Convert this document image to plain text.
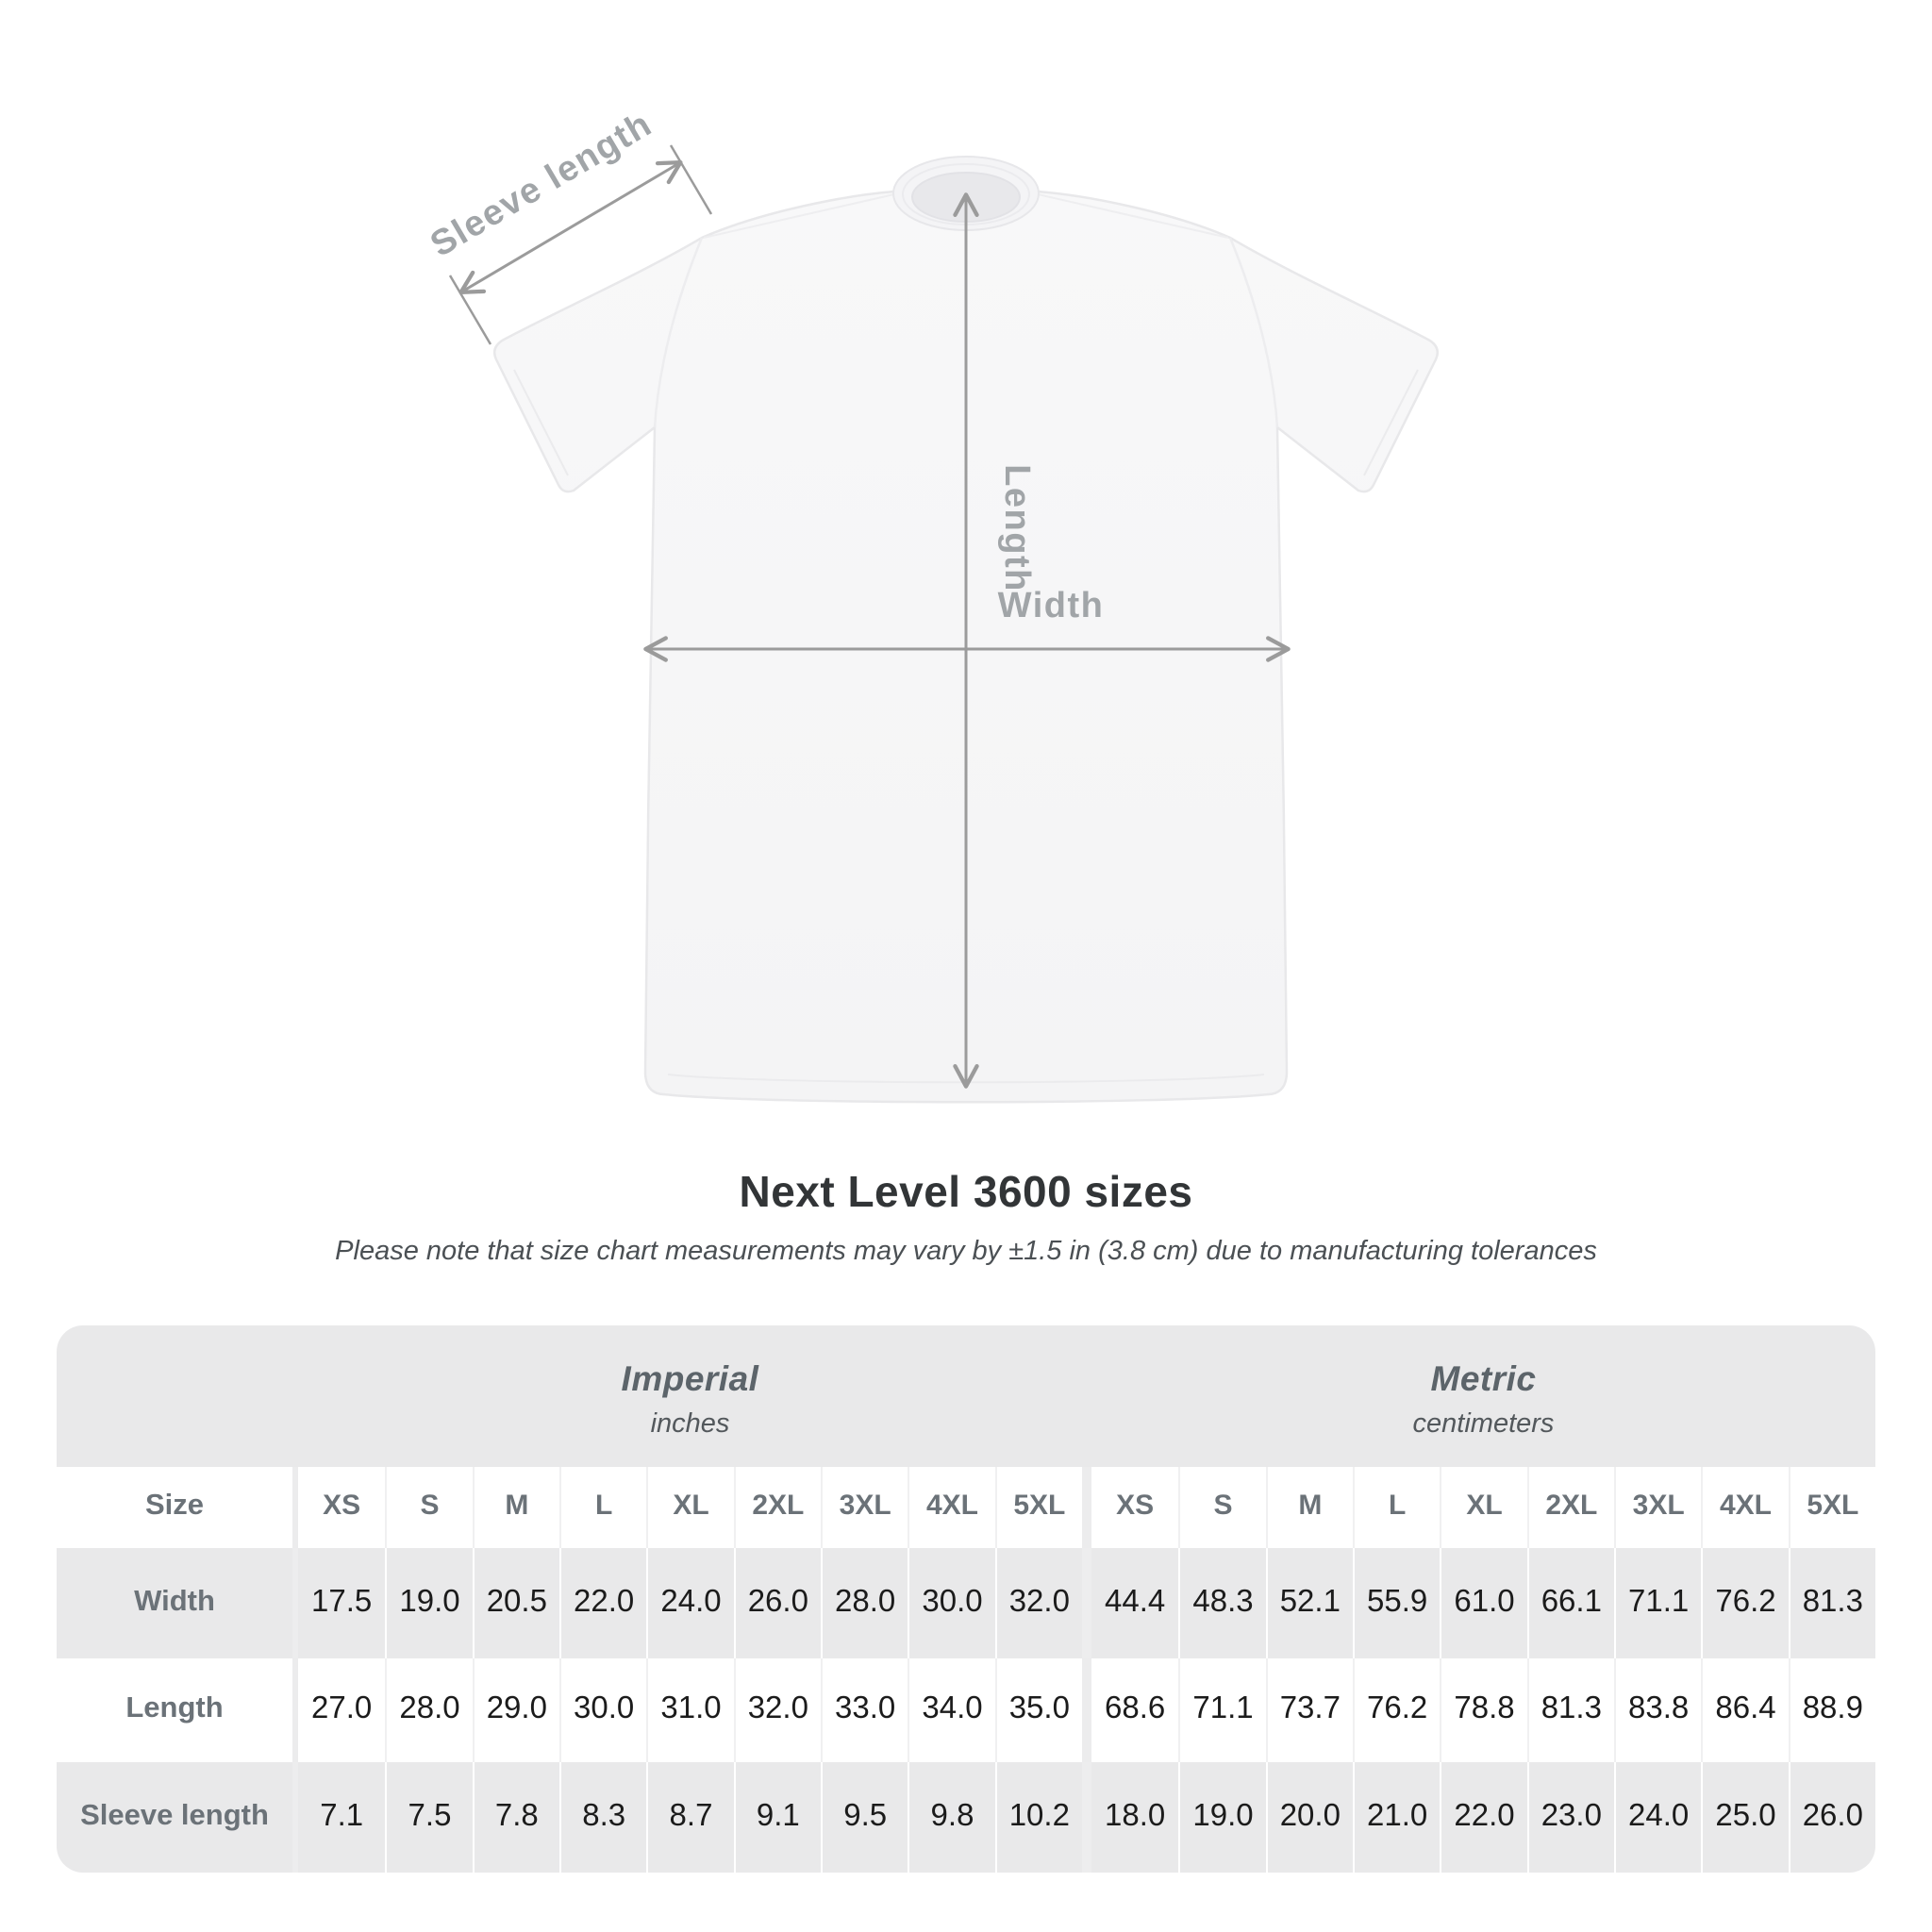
Length
Width
Sleeve length
Next Level 3600 sizes
Please note that size chart measurements may vary by ±1.5 in (3.8 cm) due to manufacturing tolerances
Imperial
inches
Metric
centimeters
Size	XS	S	M	L	XL	2XL	3XL	4XL	5XL	XS	S	M	L	XL	2XL	3XL	4XL	5XL
Width	17.5 19.0 20.5 22.0 24.0 26.0 28.0 30.0 32.0	44.4 48.3 52.1 55.9 61.0 66.1 71.1 76.2 81.3
Length	27.0 28.0 29.0 30.0 31.0 32.0 33.0 34.0 35.0	68.6 71.1 73.7 76.2 78.8 81.3 83.8 86.4 88.9
Sleeve length	7.1	7.5	7.8	8.3	8.7	9.1	9.5	9.8	10.2	18.0 19.0 20.0 21.0 22.0 23.0 24.0 25.0 26.0
